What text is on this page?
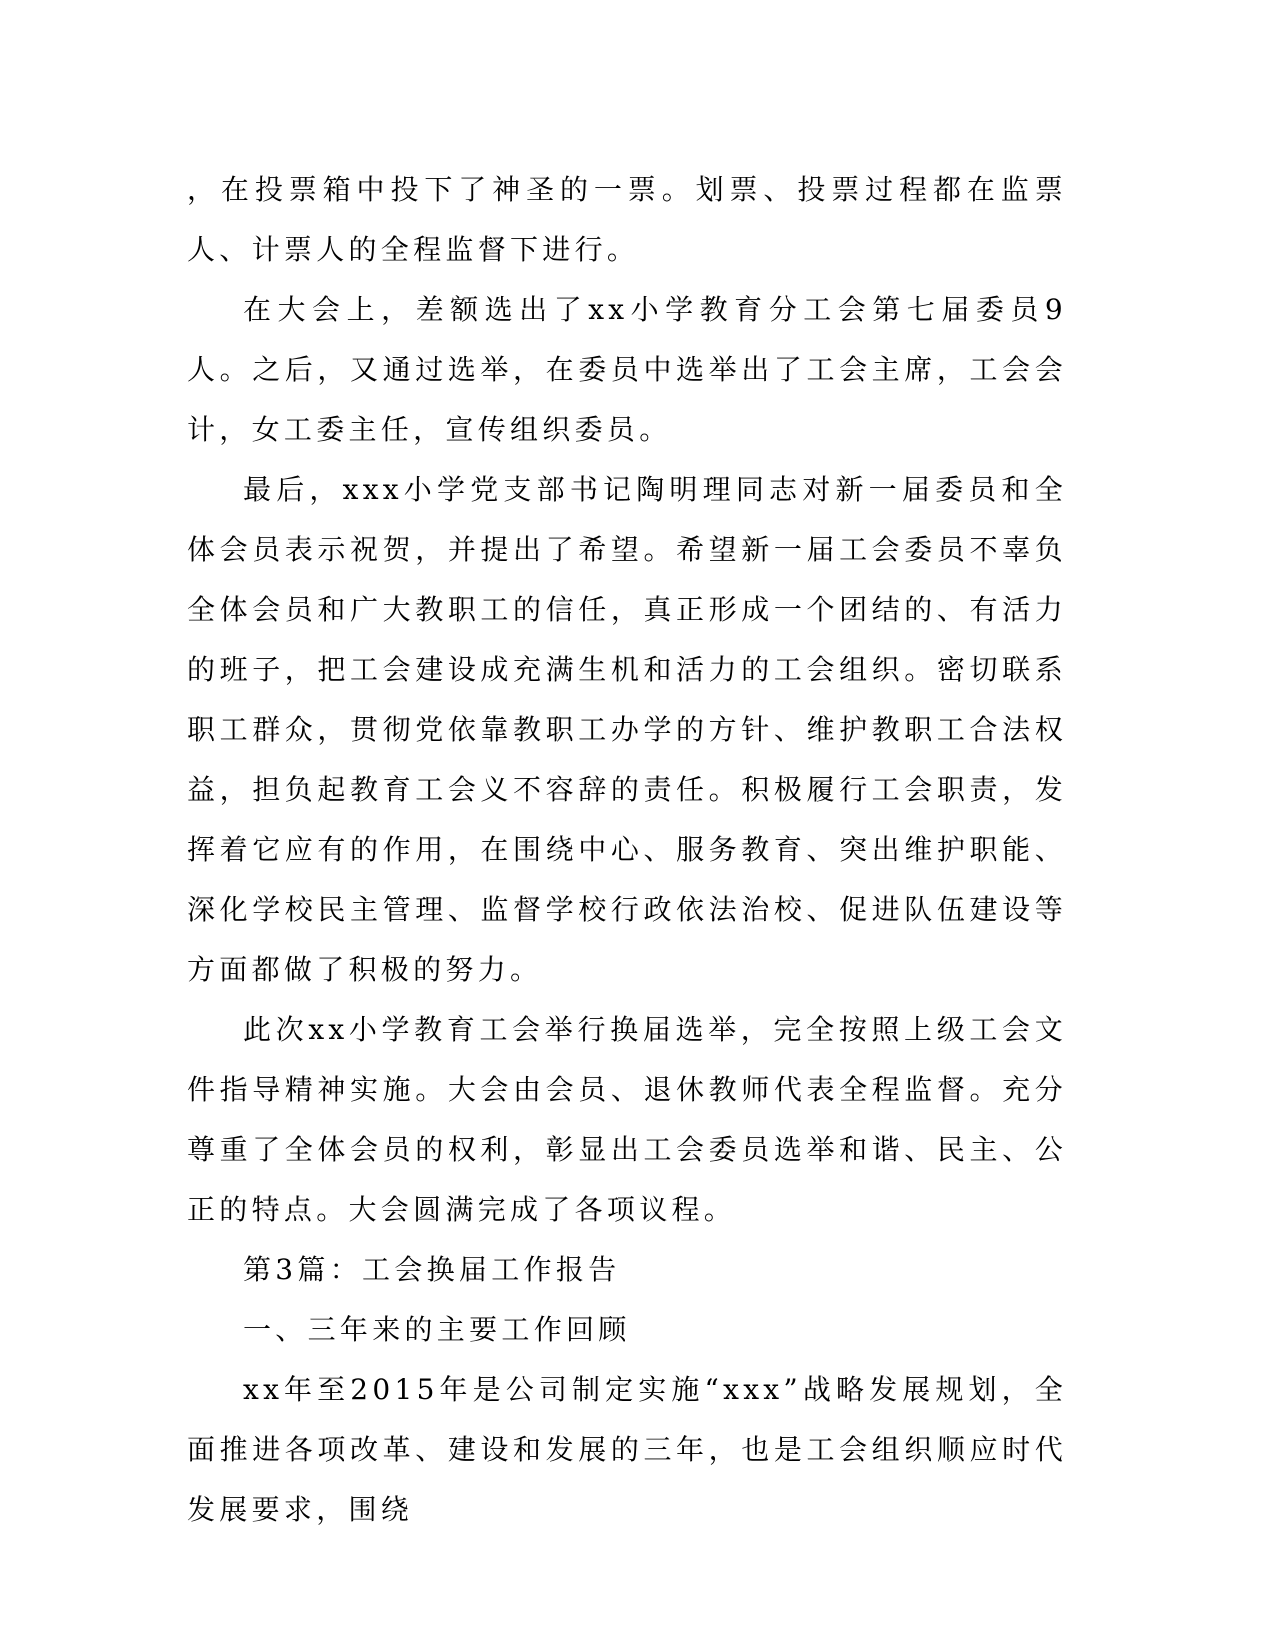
，在投票箱中投下了神圣的一票。划票、投票过程都在监票人、计票人的全程监督下进行。

在大会上，差额选出了xx小学教育分工会第七届委员9人。之后，又通过选举，在委员中选举出了工会主席，工会会计，女工委主任，宣传组织委员。

最后，xxx小学党支部书记陶明理同志对新一届委员和全体会员表示祝贺，并提出了希望。希望新一届工会委员不辜负全体会员和广大教职工的信任，真正形成一个团结的、有活力的班子，把工会建设成充满生机和活力的工会组织。密切联系职工群众，贯彻党依靠教职工办学的方针、维护教职工合法权益，担负起教育工会义不容辞的责任。积极履行工会职责，发挥着它应有的作用，在围绕中心、服务教育、突出维护职能、深化学校民主管理、监督学校行政依法治校、促进队伍建设等方面都做了积极的努力。

此次xx小学教育工会举行换届选举，完全按照上级工会文件指导精神实施。大会由会员、退休教师代表全程监督。充分尊重了全体会员的权利，彰显出工会委员选举和谐、民主、公正的特点。大会圆满完成了各项议程。

第3篇：工会换届工作报告

一、三年来的主要工作回顾

xx年至2015年是公司制定实施“xxx”战略发展规划，全面推进各项改革、建设和发展的三年，也是工会组织顺应时代发展要求，围绕
